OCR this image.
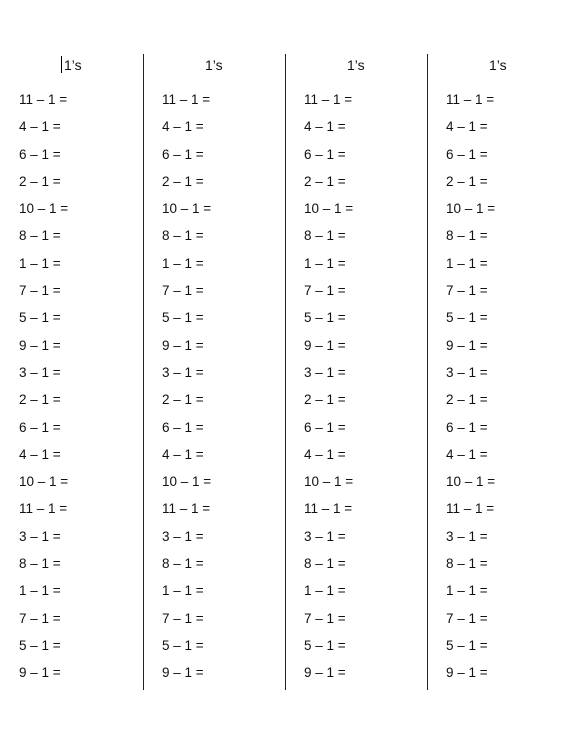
1’s
11 – 1 =
4 – 1 =
6 – 1 =
2 – 1 =
10 – 1 =
8 – 1 =
1 – 1 =
7 – 1 =
5 – 1 =
9 – 1 =
3 – 1 =
2 – 1 =
6 – 1 =
4 – 1 =
10 – 1 =
11 – 1 =
3 – 1 =
8 – 1 =
1 – 1 =
7 – 1 =
5 – 1 =
9 – 1 =
1’s
11 – 1 =
4 – 1 =
6 – 1 =
2 – 1 =
10 – 1 =
8 – 1 =
1 – 1 =
7 – 1 =
5 – 1 =
9 – 1 =
3 – 1 =
2 – 1 =
6 – 1 =
4 – 1 =
10 – 1 =
11 – 1 =
3 – 1 =
8 – 1 =
1 – 1 =
7 – 1 =
5 – 1 =
9 – 1 =
1’s
11 – 1 =
4 – 1 =
6 – 1 =
2 – 1 =
10 – 1 =
8 – 1 =
1 – 1 =
7 – 1 =
5 – 1 =
9 – 1 =
3 – 1 =
2 – 1 =
6 – 1 =
4 – 1 =
10 – 1 =
11 – 1 =
3 – 1 =
8 – 1 =
1 – 1 =
7 – 1 =
5 – 1 =
9 – 1 =
1’s
11 – 1 =
4 – 1 =
6 – 1 =
2 – 1 =
10 – 1 =
8 – 1 =
1 – 1 =
7 – 1 =
5 – 1 =
9 – 1 =
3 – 1 =
2 – 1 =
6 – 1 =
4 – 1 =
10 – 1 =
11 – 1 =
3 – 1 =
8 – 1 =
1 – 1 =
7 – 1 =
5 – 1 =
9 – 1 =
